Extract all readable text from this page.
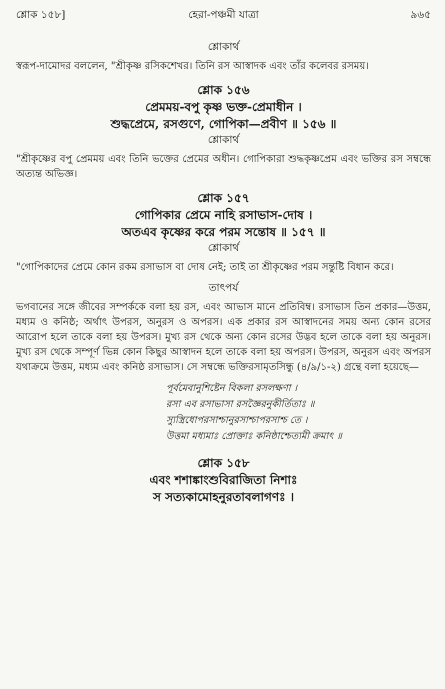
শ্লোক ১৫৮]	হেরা-পঞ্চমী যাত্রা	৯৬৫

শ্লোকার্থ

স্বরূপ-দামোদর বললেন, "শ্রীকৃষ্ণ রসিকশেখর। তিনি রস আস্বাদক এবং তাঁর কলেবর রসময়।

শ্লোক ১৫৬

প্রেমময়-বপু কৃষ্ণ ভক্ত-প্রেমাধীন ।

শুদ্ধপ্রেমে, রসগুণে, গোপিকা—প্রবীণ ॥ ১৫৬ ॥

শ্লোকার্থ

"শ্রীকৃষ্ণের বপু প্রেমময় এবং তিনি ভক্তের প্রেমের অধীন। গোপিকারা শুদ্ধকৃষ্ণপ্রেম এবং ভক্তির রস সম্বন্ধে অত্যন্ত অভিজ্ঞ।

শ্লোক ১৫৭

গোপিকার প্রেমে নাহি রসাভাস-দোষ ।

অতএব কৃষ্ণের করে পরম সন্তোষ ॥ ১৫৭ ॥

শ্লোকার্থ

"গোপিকাদের প্রেমে কোন রকম রসাভাস বা দোষ নেই; তাই তা শ্রীকৃষ্ণের পরম সন্তুষ্টি বিধান করে।

তাৎপর্য

ভগবানের সঙ্গে জীবের সম্পর্ককে বলা হয় রস, এবং আভাস মানে প্রতিবিম্ব। রসাভাস তিন প্রকার—উত্তম, মধ্যম ও কনিষ্ঠ; অর্থাৎ উপরস, অনুরস ও অপরস। এক প্রকার রস আস্বাদনের সময় অন্য কোন রসের আরোপ হলে তাকে বলা হয় উপরস। মুখ্য রস থেকে অন্য কোন রসের উদ্ভব হলে তাকে বলা হয় অনুরস। মুখ্য রস থেকে সম্পূর্ণ ভিন্ন কোন কিছুর আস্বাদন হলে তাকে বলা হয় অপরস। উপরস, অনুরস এবং অপরস যথাক্রমে উত্তম, মধ্যম এবং কনিষ্ঠ রসাভাস। সে সম্বন্ধে ভক্তিরসামৃতসিন্ধু (৪/৯/১-২) গ্রন্থে বলা হয়েছে—

পূর্বমেবানুশিষ্টেন বিকলা রসলক্ষণা ।
রসা এব রসাভাসা রসজ্ঞৈরনুকীর্তিতাঃ ॥
স্যুস্ত্রিধোপরসাশ্চানুরসাশ্চাপরসাশ্চ তে ।
উত্তমা মধ্যমাঃ প্রোক্তাঃ কনিষ্ঠাশ্চেত্যমী ক্রমাৎ ॥

শ্লোক ১৫৮

এবং শশাঙ্কাংশুবিরাজিতা নিশাঃ

স সত্যকামোহনুরতাবলাগণঃ ।
